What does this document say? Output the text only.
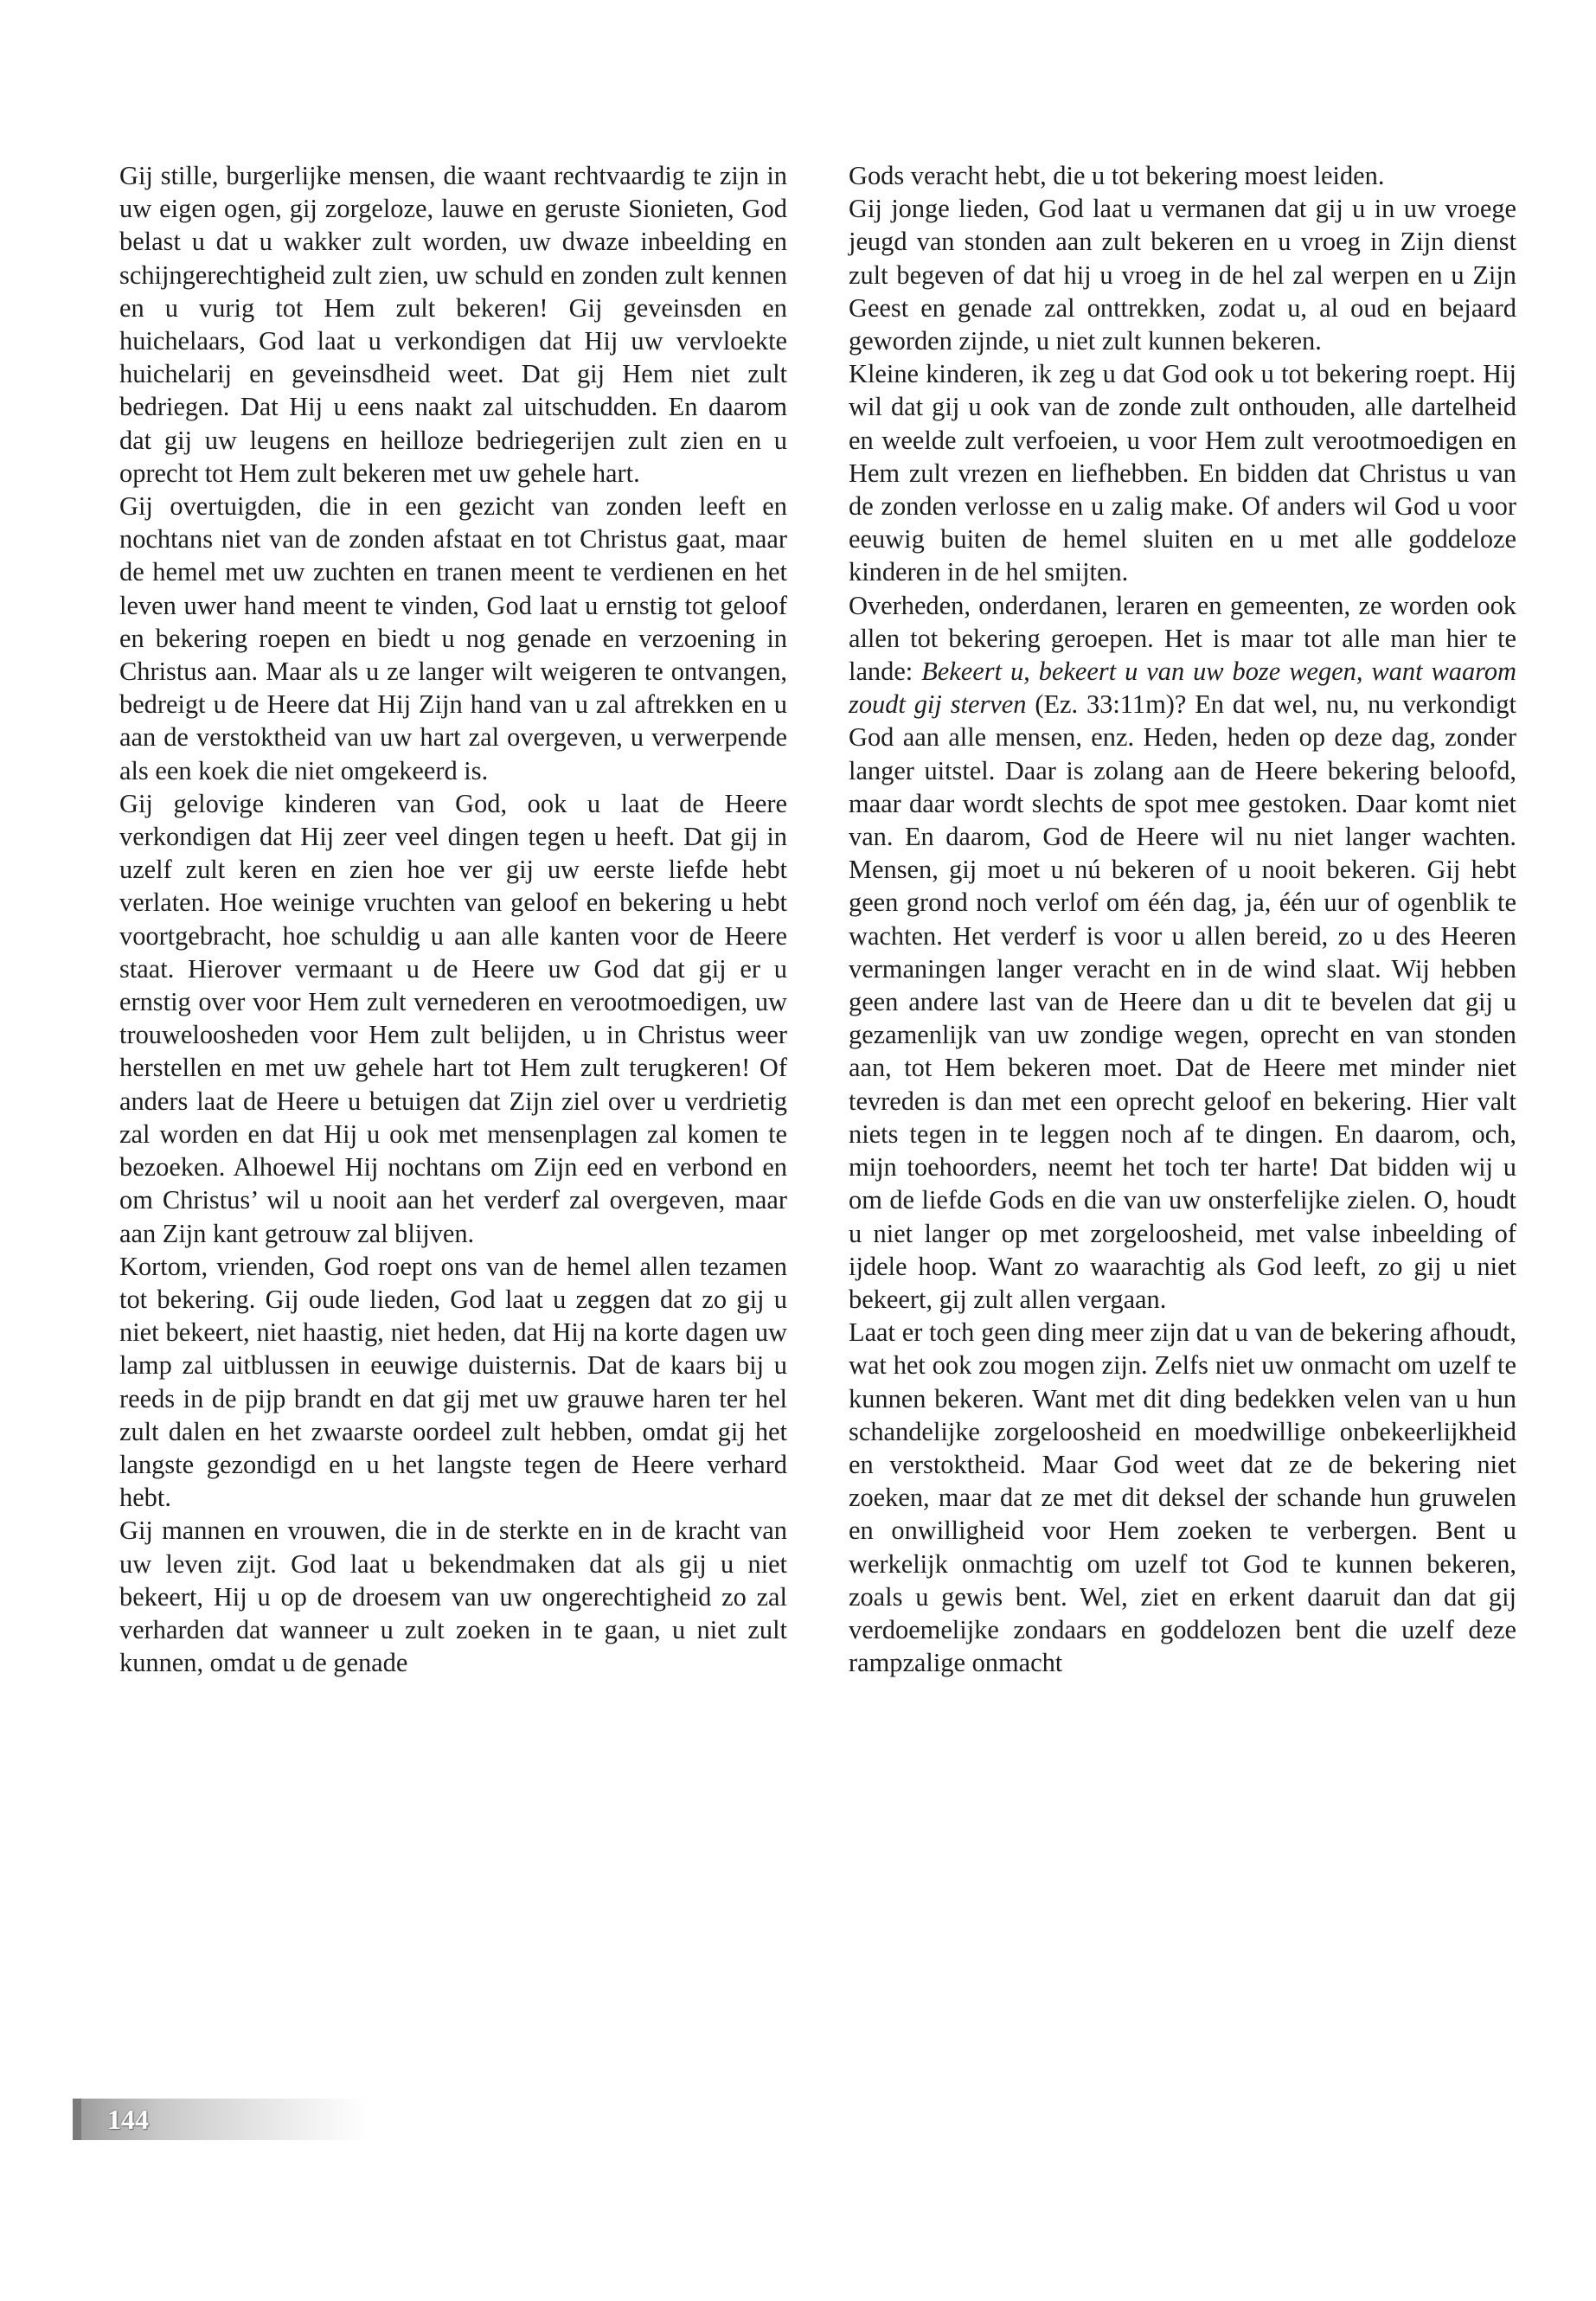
Gij stille, burgerlijke mensen, die waant rechtvaardig te zijn in uw eigen ogen, gij zorgeloze, lauwe en geruste Sionieten, God belast u dat u wakker zult worden, uw dwaze inbeelding en schijngerechtigheid zult zien, uw schuld en zonden zult kennen en u vurig tot Hem zult bekeren! Gij geveinsden en huichelaars, God laat u verkondigen dat Hij uw vervloekte huichelarij en geveinsdheid weet. Dat gij Hem niet zult bedriegen. Dat Hij u eens naakt zal uitschudden. En daarom dat gij uw leugens en heilloze bedriegerijen zult zien en u oprecht tot Hem zult bekeren met uw gehele hart.

Gij overtuigden, die in een gezicht van zonden leeft en nochtans niet van de zonden afstaat en tot Christus gaat, maar de hemel met uw zuchten en tranen meent te verdienen en het leven uwer hand meent te vinden, God laat u ernstig tot geloof en bekering roepen en biedt u nog genade en verzoening in Christus aan. Maar als u ze langer wilt weigeren te ontvangen, bedreigt u de Heere dat Hij Zijn hand van u zal aftrekken en u aan de verstoktheid van uw hart zal overgeven, u verwerpende als een koek die niet omgekeerd is.

Gij gelovige kinderen van God, ook u laat de Heere verkondigen dat Hij zeer veel dingen tegen u heeft. Dat gij in uzelf zult keren en zien hoe ver gij uw eerste liefde hebt verlaten. Hoe weinige vruchten van geloof en bekering u hebt voortgebracht, hoe schuldig u aan alle kanten voor de Heere staat. Hierover vermaant u de Heere uw God dat gij er u ernstig over voor Hem zult vernederen en verootmoedigen, uw trouweloosheden voor Hem zult belijden, u in Christus weer herstellen en met uw gehele hart tot Hem zult terugkeren! Of anders laat de Heere u betuigen dat Zijn ziel over u verdrietig zal worden en dat Hij u ook met mensenplagen zal komen te bezoeken. Alhoewel Hij nochtans om Zijn eed en verbond en om Christus’ wil u nooit aan het verderf zal overgeven, maar aan Zijn kant getrouw zal blijven.

Kortom, vrienden, God roept ons van de hemel allen tezamen tot bekering. Gij oude lieden, God laat u zeggen dat zo gij u niet bekeert, niet haastig, niet heden, dat Hij na korte dagen uw lamp zal uitblussen in eeuwige duisternis. Dat de kaars bij u reeds in de pijp brandt en dat gij met uw grauwe haren ter hel zult dalen en het zwaarste oordeel zult hebben, omdat gij het langste gezondigd en u het langste tegen de Heere verhard hebt.

Gij mannen en vrouwen, die in de sterkte en in de kracht van uw leven zijt. God laat u bekendmaken dat als gij u niet bekeert, Hij u op de droesem van uw ongerechtigheid zo zal verharden dat wanneer u zult zoeken in te gaan, u niet zult kunnen, omdat u de genade

Gods veracht hebt, die u tot bekering moest leiden.

Gij jonge lieden, God laat u vermanen dat gij u in uw vroege jeugd van stonden aan zult bekeren en u vroeg in Zijn dienst zult begeven of dat hij u vroeg in de hel zal werpen en u Zijn Geest en genade zal onttrekken, zodat u, al oud en bejaard geworden zijnde, u niet zult kunnen bekeren.

Kleine kinderen, ik zeg u dat God ook u tot bekering roept. Hij wil dat gij u ook van de zonde zult onthouden, alle dartelheid en weelde zult verfoeien, u voor Hem zult verootmoedigen en Hem zult vrezen en liefhebben. En bidden dat Christus u van de zonden verlosse en u zalig make. Of anders wil God u voor eeuwig buiten de hemel sluiten en u met alle goddeloze kinderen in de hel smijten.

Overheden, onderdanen, leraren en gemeenten, ze worden ook allen tot bekering geroepen. Het is maar tot alle man hier te lande: Bekeert u, bekeert u van uw boze wegen, want waarom zoudt gij sterven (Ez. 33:11m)? En dat wel, nu, nu verkondigt God aan alle mensen, enz. Heden, heden op deze dag, zonder langer uitstel. Daar is zolang aan de Heere bekering beloofd, maar daar wordt slechts de spot mee gestoken. Daar komt niet van. En daarom, God de Heere wil nu niet langer wachten. Mensen, gij moet u nú bekeren of u nooit bekeren. Gij hebt geen grond noch verlof om één dag, ja, één uur of ogenblik te wachten. Het verderf is voor u allen bereid, zo u des Heeren vermaningen langer veracht en in de wind slaat. Wij hebben geen andere last van de Heere dan u dit te bevelen dat gij u gezamenlijk van uw zondige wegen, oprecht en van stonden aan, tot Hem bekeren moet. Dat de Heere met minder niet tevreden is dan met een oprecht geloof en bekering. Hier valt niets tegen in te leggen noch af te dingen. En daarom, och, mijn toehoorders, neemt het toch ter harte! Dat bidden wij u om de liefde Gods en die van uw onsterfelijke zielen. O, houdt u niet langer op met zorgeloosheid, met valse inbeelding of ijdele hoop. Want zo waarachtig als God leeft, zo gij u niet bekeert, gij zult allen vergaan.

Laat er toch geen ding meer zijn dat u van de bekering afhoudt, wat het ook zou mogen zijn. Zelfs niet uw onmacht om uzelf te kunnen bekeren. Want met dit ding bedekken velen van u hun schandelijke zorgeloosheid en moedwillige onbekeerlijkheid en verstoktheid. Maar God weet dat ze de bekering niet zoeken, maar dat ze met dit deksel der schande hun gruwelen en onwilligheid voor Hem zoeken te verbergen. Bent u werkelijk onmachtig om uzelf tot God te kunnen bekeren, zoals u gewis bent. Wel, ziet en erkent daaruit dan dat gij verdoemelijke zondaars en goddelozen bent die uzelf deze rampzalige onmacht

144
